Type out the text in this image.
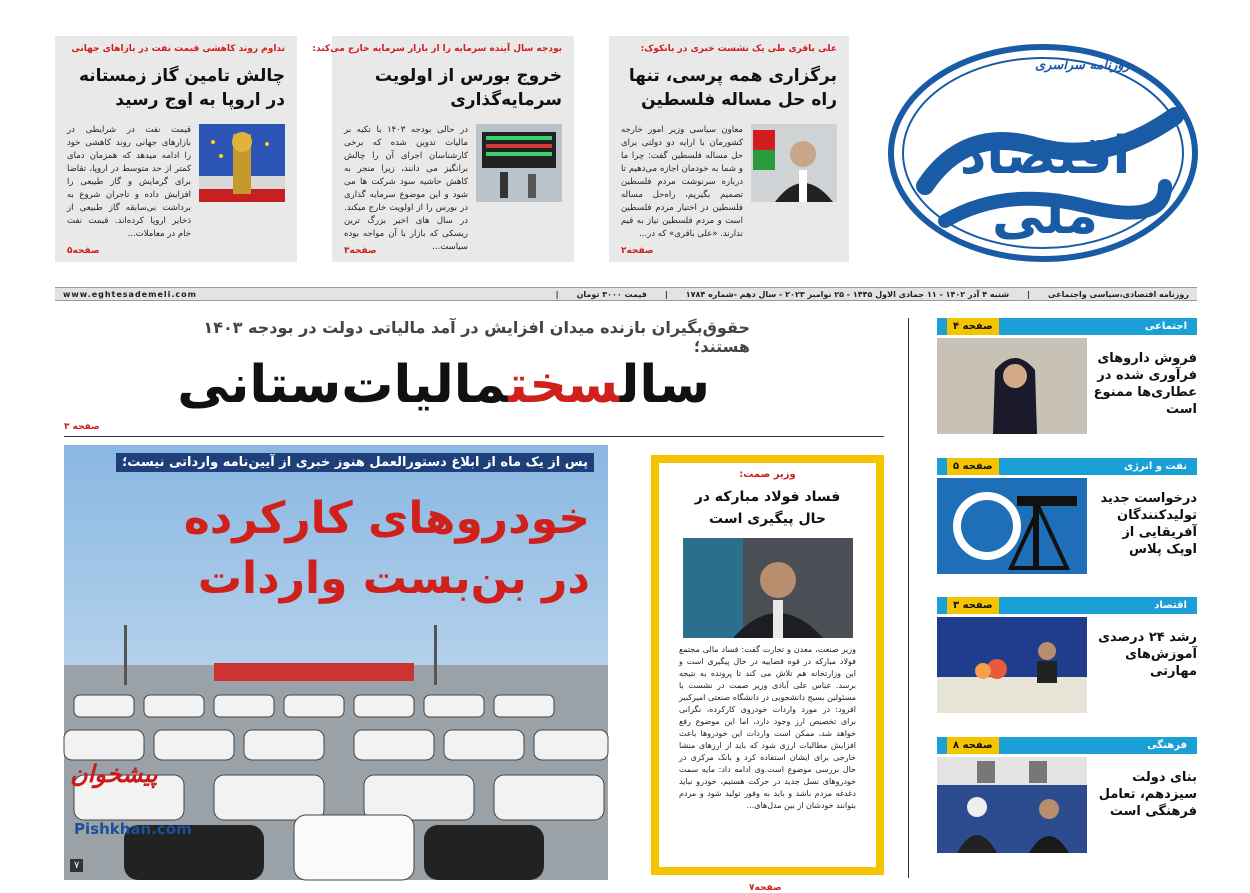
روزنامه سراسری
اقتصاد ملی
علی باقری طی یک نشست خبری در بانکوک:
برگزاری همه پرسی، تنها راه حل مساله فلسطین
معاون سیاسی وزیر امور خارجه کشورمان با ارایه دو دولتی برای حل مساله فلسطین گفت: چرا ما و شما به خودمان اجازه می‌دهیم تا درباره سرنوشت مردم فلسطین تصمیم بگیریم، راه‌حل مساله فلسطین در اختیار مردم فلسطین است و مردم فلسطین نیاز به قیم ندارند. «علی باقری» که در...
صفحه۲
بودجه سال آینده سرمایه را از بازار سرمایه خارج می‌کند:
خروج بورس از اولویت سرمایه‌گذاری
در حالی بودجه ۱۴۰۳ با تکیه بر مالیات تدوین شده که برخی کارشناسان اجرای آن را چالش برانگیز می دانند، زیرا منجر به کاهش حاشیه سود شرکت ها می شود و این موضوع سرمایه گذاری در بورس را از اولویت خارج میکند. در سال های اخیر بزرگ ترین ریسکی که بازار با آن مواجه بوده سیاست...
صفحه۳
تداوم روند کاهشی قیمت نفت در بازاهای جهانی
چالش تامین گاز زمستانه در اروپا به اوج رسید
قیمت نفت در شرایطی در بازارهای جهانی روند کاهشی خود را ادامه میدهد که همزمان دمای کمتر از حد متوسط در اروپا، تقاضا برای گرمایش و گاز طبیعی را افزایش داده و تاجران شروع به برداشت بی‌سابقه گاز طبیعی از ذخایر اروپا کرده‌اند. قیمت نفت خام در معاملات...
صفحه۵
روزنامه اقتصادی،سیاسی واجتماعی
|
شنبه ۴ آذر ۱۴۰۲ - ۱۱ جمادی الاول ۱۴۴۵ - ۲۵ نوامبر ۲۰۲۳ - سال دهم -شماره ۱۷۸۴
|
قیمت ۳۰۰۰ تومان
|
www.eghtesademeli.com
حقوق‌بگیران بازنده میدان افزایش در آمد مالیاتی دولت در بودجه ۱۴۰۳ هستند؛
سالسختمالیات‌ستانی
صفحه ۳
پس از یک ماه از ابلاغ دستورالعمل هنوز خبری از آیین‌نامه وارداتی نیست؛
خودروهای کارکرده
در بن‌بست واردات
۷
پیشخوان
Pishkhan.com
وزیر صمت:
فساد فولاد مبارکه در حال پیگیری است
وزیر صنعت، معدن و تجارت گفت: فساد مالی مجتمع فولاد مبارکه در قوه قضاییه در حال پیگیری است و این وزارتخانه هم تلاش می کند تا پرونده به نتیجه برسد. عباس علی آبادی وزیر صمت در نشست با مسئولین بسیج دانشجویی در دانشگاه صنعتی امیرکبیر افزود: در مورد واردات خودروی کارکرده، نگرانی برای تخصیص ارز وجود دارد، اما این موضوع رفع خواهد شد، ممکن است واردات این خودروها باعث افزایش مطالبات ارزی شود که باید از ارزهای منشا خارجی برای ایشان استفاده کرد و بانک مرکزی در حال بررسی موضوع است.وی ادامه داد: مایه سمت خودروهای نسل جدید در حرکت هستیم، خودرو نباید دغدغه مردم باشد و باید به وفور تولید شود و مردم بتوانند خودشان از بین مدل‌های...
صفحه۷
اجتماعی
صفحه ۴
فروش داروهای فرآوری شده در عطاری‌ها ممنوع است
نفت و انرژی
صفحه ۵
درخواست جدید تولیدکنندگان آفریقایی از اوپک پلاس
اقتصاد
صفحه ۳
رشد ۲۴ درصدی آموزش‌های مهارتی
فرهنگی
صفحه ۸
بنای دولت سیزدهم، تعامل فرهنگی است
